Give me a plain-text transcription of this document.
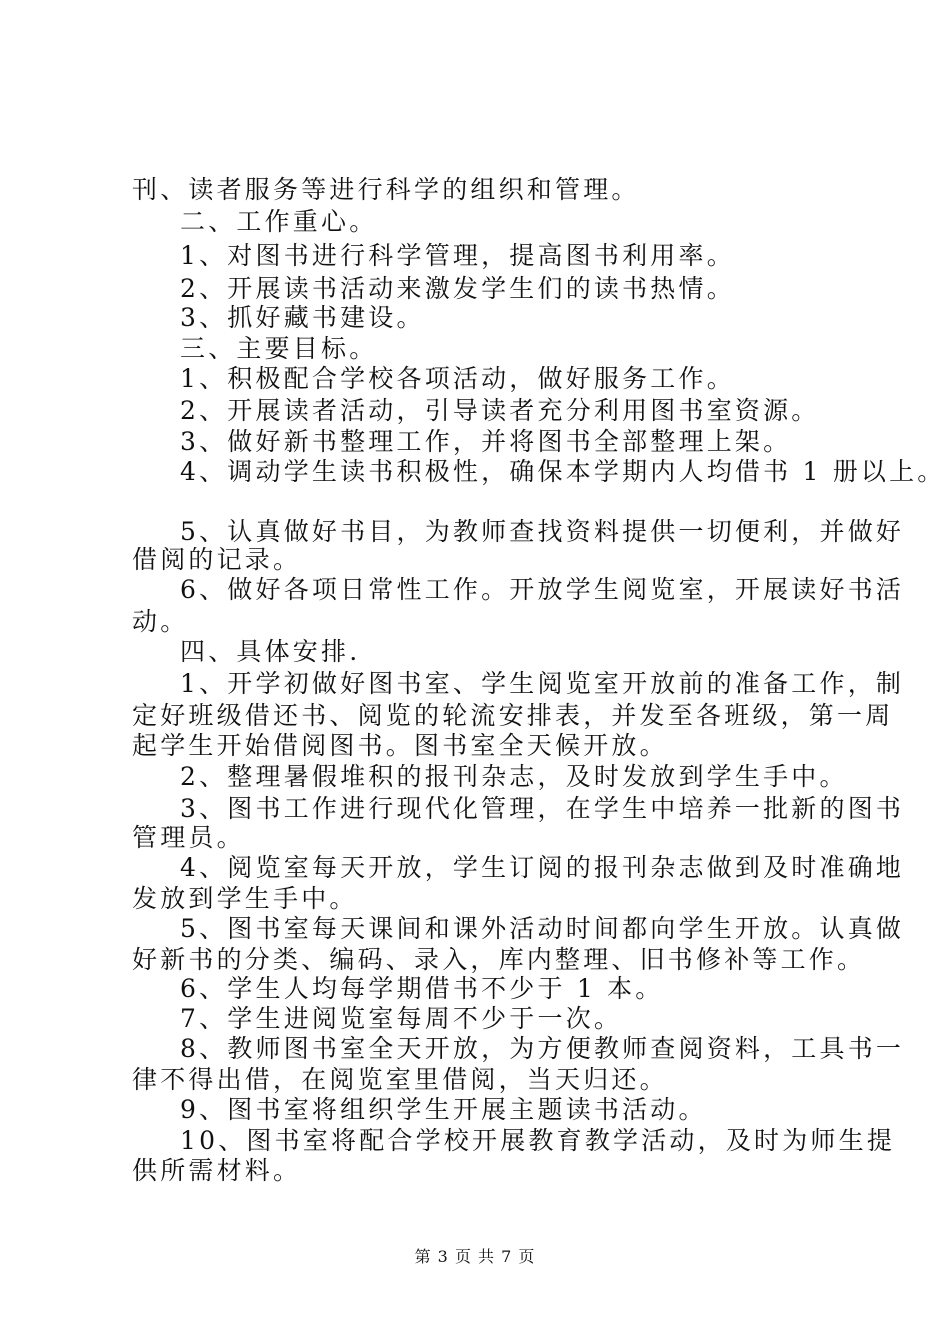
刊、读者服务等进行科学的组织和管理。
二、工作重心。
1、对图书进行科学管理，提高图书利用率。
2、开展读书活动来激发学生们的读书热情。
3、抓好藏书建设。
三、主要目标。
1、积极配合学校各项活动，做好服务工作。
2、开展读者活动，引导读者充分利用图书室资源。
3、做好新书整理工作，并将图书全部整理上架。
4、调动学生读书积极性，确保本学期内人均借书 1 册以上。
5、认真做好书目，为教师查找资料提供一切便利，并做好
借阅的记录。
6、做好各项日常性工作。开放学生阅览室，开展读好书活
动。
四、具体安排.
1、开学初做好图书室、学生阅览室开放前的准备工作，制
定好班级借还书、阅览的轮流安排表，并发至各班级，第一周
起学生开始借阅图书。图书室全天候开放。
2、整理暑假堆积的报刊杂志，及时发放到学生手中。
3、图书工作进行现代化管理，在学生中培养一批新的图书
管理员。
4、阅览室每天开放，学生订阅的报刊杂志做到及时准确地
发放到学生手中。
5、图书室每天课间和课外活动时间都向学生开放。认真做
好新书的分类、编码、录入，库内整理、旧书修补等工作。
6、学生人均每学期借书不少于 1 本。
7、学生进阅览室每周不少于一次。
8、教师图书室全天开放，为方便教师查阅资料，工具书一
律不得出借，在阅览室里借阅，当天归还。
9、图书室将组织学生开展主题读书活动。
10、图书室将配合学校开展教育教学活动，及时为师生提
供所需材料。
第 3 页 共 7 页
